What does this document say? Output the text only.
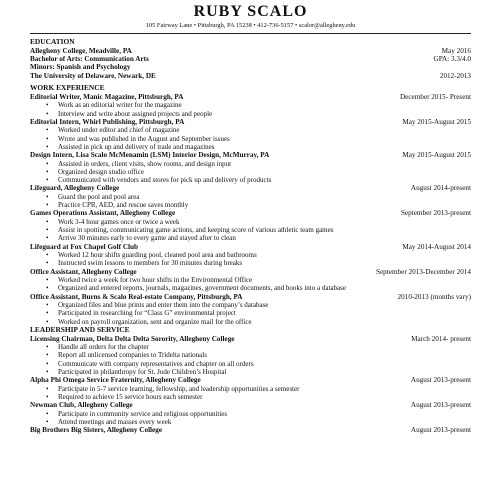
RUBY SCALO
105 Fairway Lane • Pittsburgh, PA 15238 • 412-736-5157 • scalor@allegheny.edu
EDUCATION
Allegheny College, Meadville, PA	May 2016
Bachelor of Arts: Communication Arts	GPA: 3.3/4.0
Minors: Spanish and Psychology
The University of Delaware, Newark, DE	2012-2013
WORK EXPERIENCE
Editorial Writer, Manic Magazine, Pittsburgh, PA	December 2015- Present
• Work as an editorial writer for the magazine
• Interview and write about assigned projects and people
Editorial Intern, Whirl Publishing, Pittsburgh, PA	May 2015-August 2015
• Worked under editor and chief of magazine
• Wrote and was published in the August and September issues
• Assisted in pick up and delivery of trade and magazines
Design Intern, Lisa Scalo McMenamin (LSM) Interior Design, McMurray, PA	May 2015-August 2015
• Assisted in orders, client visits, show rooms, and design input
• Organized design studio office
• Communicated with vendors and stores for pick up and delivery of products
Lifeguard, Allegheny College	August 2014-present
• Guard the pool and pool area
• Practice CPR, AED, and rescue saves monthly
Games Operations Assistant, Allegheny College	September 2013-present
• Work 3-4 hour games once or twice a week
• Assist in spotting, communicating game actions, and keeping score of various athletic team games
• Arrive 30 minutes early to every game and stayed after to clean
Lifeguard at Fox Chapel Golf Club	May 2014-August 2014
• Worked 12 hour shifts guarding pool, cleaned pool area and bathrooms
• Instructed swim lessons to members for 30 minutes during breaks
Office Assistant, Allegheny College	September 2013-December 2014
• Worked twice a week for two hour shifts in the Environmental Office
• Organized and entered reports, journals, magazines, government documents, and books into a database
Office Assistant, Burns & Scalo Real-estate Company, Pittsburgh, PA	2010-2013 (months vary)
• Organized files and blue prints and enter them into the company’s database
• Participated in researching for “Class G” environmental project
• Worked on payroll organization, sent and organize mail for the office
LEADERSHIP AND SERVICE
Licensing Chairman, Delta Delta Delta Sorority, Allegheny College	March 2014- present
• Handle all orders for the chapter
• Report all unlicensed companies to Tridelta nationals
• Communicate with company representatives and chapter on all orders
• Participated in philanthropy for St. Jude Children’s Hospital
Alpha Phi Omega Service Fraternity, Allegheny College	August 2013-present
• Participate in 5-7 service learning, fellowship, and leadership opportunities a semester
• Required to achieve 15 service hours each semester
Newman Club, Allegheny College	August 2013-present
• Participate in community service and religious opportunities
• Attend meetings and masses every week
Big Brothers Big Sisters, Allegheny College	August 2013-present
